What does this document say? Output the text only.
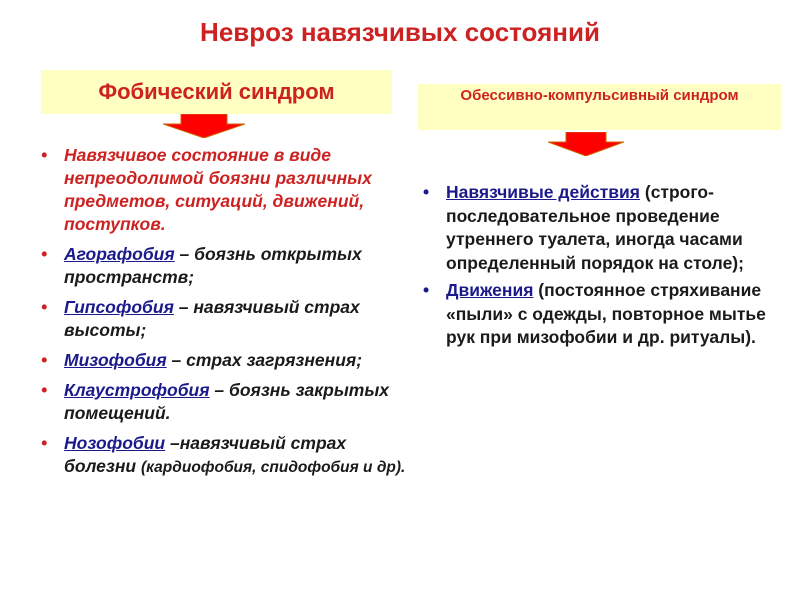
Невроз навязчивых состояний
Фобический синдром	Обессивно-компульсивный синдром
• Навязчивое состояние в виде непреодолимой боязни различных предметов, ситуаций, движений, поступков.
• Агорафобия – боязнь открытых пространств;
• Гипсофобия – навязчивый страх высоты;
• Мизофобия – страх загрязнения;
• Клаустрофобия – боязнь закрытых помещений.
• Нозофобии –навязчивый страх болезни (кардиофобия, спидофобия и др).
• Навязчивые действия (строго-последовательное проведение утреннего туалета, иногда часами определенный порядок на столе);
• Движения (постоянное стряхивание «пыли» с одежды, повторное мытье рук при мизофобии и др. ритуалы).
